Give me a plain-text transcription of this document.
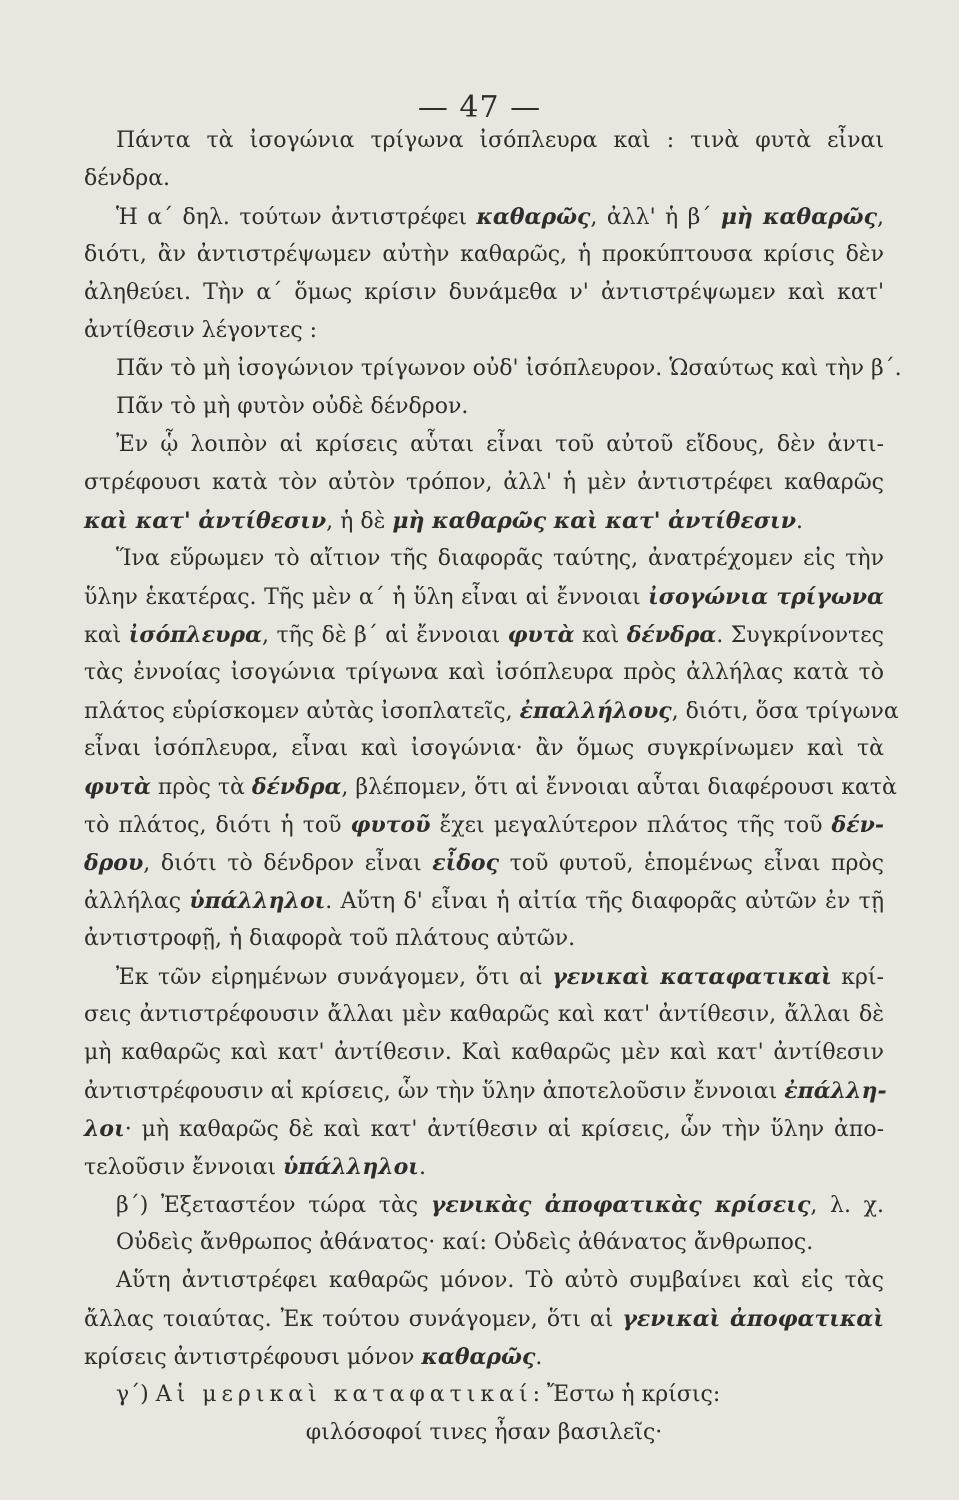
— 47 —
Πάντα τὰ ἰσογώνια τρίγωνα ἰσόπλευρα καὶ : τινὰ φυτὰ εἶναι
δένδρα.
Ἡ α΄ δηλ. τούτων ἀντιστρέφει καθαρῶς, ἀλλ' ἡ β΄ μὴ καθαρῶς,
διότι, ἂν ἀντιστρέψωμεν αὐτὴν καθαρῶς, ἡ προκύπτουσα κρίσις δὲν
ἀληθεύει. Τὴν α΄ ὅμως κρίσιν δυνάμεθα ν' ἀντιστρέψωμεν καὶ κατ'
ἀντίθεσιν λέγοντες :
Πᾶν τὸ μὴ ἰσογώνιον τρίγωνον οὐδ' ἰσόπλευρον. Ὡσαύτως καὶ τὴν β΄.
Πᾶν τὸ μὴ φυτὸν οὐδὲ δένδρον.
Ἐν ᾧ λοιπὸν αἱ κρίσεις αὗται εἶναι τοῦ αὐτοῦ εἴδους, δὲν ἀντι-
στρέφουσι κατὰ τὸν αὐτὸν τρόπον, ἀλλ' ἡ μὲν ἀντιστρέφει καθαρῶς
καὶ κατ' ἀντίθεσιν, ἡ δὲ μὴ καθαρῶς καὶ κατ' ἀντίθεσιν.
Ἵνα εὕρωμεν τὸ αἴτιον τῆς διαφορᾶς ταύτης, ἀνατρέχομεν εἰς τὴν
ὕλην ἑκατέρας. Τῆς μὲν α΄ ἡ ὕλη εἶναι αἱ ἔννοιαι ἰσογώνια τρίγωνα
καὶ ἰσόπλευρα, τῆς δὲ β΄ αἱ ἔννοιαι φυτὰ καὶ δένδρα. Συγκρίνοντες
τὰς ἐννοίας ἰσογώνια τρίγωνα καὶ ἰσόπλευρα πρὸς ἀλλήλας κατὰ τὸ
πλάτος εὑρίσκομεν αὐτὰς ἰσοπλατεῖς, ἐπαλλήλους, διότι, ὅσα τρίγωνα
εἶναι ἰσόπλευρα, εἶναι καὶ ἰσογώνια· ἂν ὅμως συγκρίνωμεν καὶ τὰ
φυτὰ πρὸς τὰ δένδρα, βλέπομεν, ὅτι αἱ ἔννοιαι αὗται διαφέρουσι κατὰ
τὸ πλάτος, διότι ἡ τοῦ φυτοῦ ἔχει μεγαλύτερον πλάτος τῆς τοῦ δέν-
δρου, διότι τὸ δένδρον εἶναι εἶδος τοῦ φυτοῦ, ἑπομένως εἶναι πρὸς
ἀλλήλας ὑπάλληλοι. Αὕτη δ' εἶναι ἡ αἰτία τῆς διαφορᾶς αὐτῶν ἐν τῇ
ἀντιστροφῇ, ἡ διαφορὰ τοῦ πλάτους αὐτῶν.
Ἐκ τῶν εἰρημένων συνάγομεν, ὅτι αἱ γενικαὶ καταφατικαὶ κρί-
σεις ἀντιστρέφουσιν ἄλλαι μὲν καθαρῶς καὶ κατ' ἀντίθεσιν, ἄλλαι δὲ
μὴ καθαρῶς καὶ κατ' ἀντίθεσιν. Καὶ καθαρῶς μὲν καὶ κατ' ἀντίθεσιν
ἀντιστρέφουσιν αἱ κρίσεις, ὧν τὴν ὕλην ἀποτελοῦσιν ἔννοιαι ἐπάλλη-
λοι· μὴ καθαρῶς δὲ καὶ κατ' ἀντίθεσιν αἱ κρίσεις, ὧν τὴν ὕλην ἀπο-
τελοῦσιν ἔννοιαι ὑπάλληλοι.
β΄) Ἐξεταστέον τώρα τὰς γενικὰς ἀποφατικὰς κρίσεις, λ. χ.
Οὐδεὶς ἄνθρωπος ἀθάνατος· καί: Οὐδεὶς ἀθάνατος ἄνθρωπος.
Αὕτη ἀντιστρέφει καθαρῶς μόνον. Τὸ αὐτὸ συμβαίνει καὶ εἰς τὰς
ἄλλας τοιαύτας. Ἐκ τούτου συνάγομεν, ὅτι αἱ γενικαὶ ἀποφατικαὶ
κρίσεις ἀντιστρέφουσι μόνον καθαρῶς.
γ΄) Αἱ μερικαὶ καταφατικαί: Ἔστω ἡ κρίσις:
φιλόσοφοί τινες ἦσαν βασιλεῖς·
